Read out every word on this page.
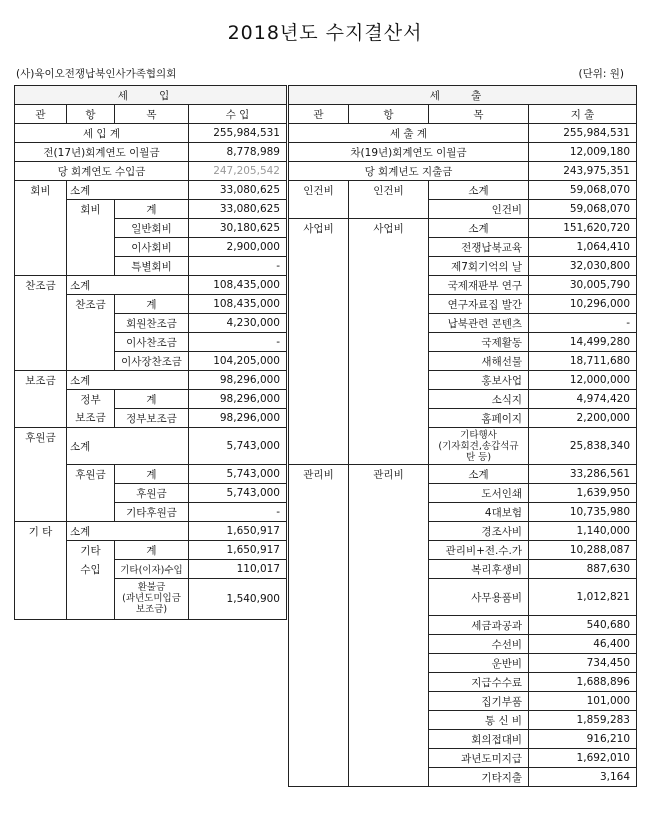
2018년도 수지결산서
(사)육이오전쟁납북인사가족협의회	(단위: 원)
세 입			
관	항	목	수 입
세 입 계			255,984,531
전(17년)회계연도 이월금			8,778,989
당 회계연도 수입금			247,205,542
회비	소계		33,080,625
	회비	계	33,080,625
		일반회비	30,180,625
		이사회비	2,900,000
		특별회비	-
찬조금	소계		108,435,000
	찬조금	계	108,435,000
		회원찬조금	4,230,000
		이사찬조금	-
		이사장찬조금	104,205,000
보조금	소계		98,296,000
	정부	계	98,296,000
	보조금	정부보조금	98,296,000
후원금	소계		5,743,000
	후원금	계	5,743,000
		후원금	5,743,000
		기타후원금	-
기 타	소계		1,650,917
	기타	계	1,650,917
	수입	기타(이자)수입	110,017

		환불금
(과년도미입금
보조금)	1,540,900
세 출			
관	항	목	지 출
세 출 계			255,984,531
차(19년)회계연도 이월금			12,009,180
당 회계년도 지출금			243,975,351
인건비	인건비	소계	59,068,070
		인건비	59,068,070
사업비	사업비	소계	151,620,720
		전쟁납북교육	1,064,410
		제7회기억의 날	32,030,800
		국제재판부 연구	30,005,790
		연구자료집 발간	10,296,000
		납북관련 콘텐츠	-
		국제활동	14,499,280
		새해선물	18,711,680
		홍보사업	12,000,000
		소식지	4,974,420
		홈페이지	2,200,000

		기타행사
(기자회견,송갑석규
탄 등)	25,838,340
관리비	관리비	소계	33,286,561
		도서인쇄	1,639,950
		4대보험	10,735,980
		경조사비	1,140,000
		관리비+전.수.가	10,288,087
		복리후생비	887,630
		사무용품비	1,012,821
		세금과공과	540,680
		수선비	46,400
		운반비	734,450
		지급수수료	1,688,896
		집기부품	101,000
		통 신 비	1,859,283
		회의접대비	916,210
		과년도미지급	1,692,010
		기타지출	3,164
